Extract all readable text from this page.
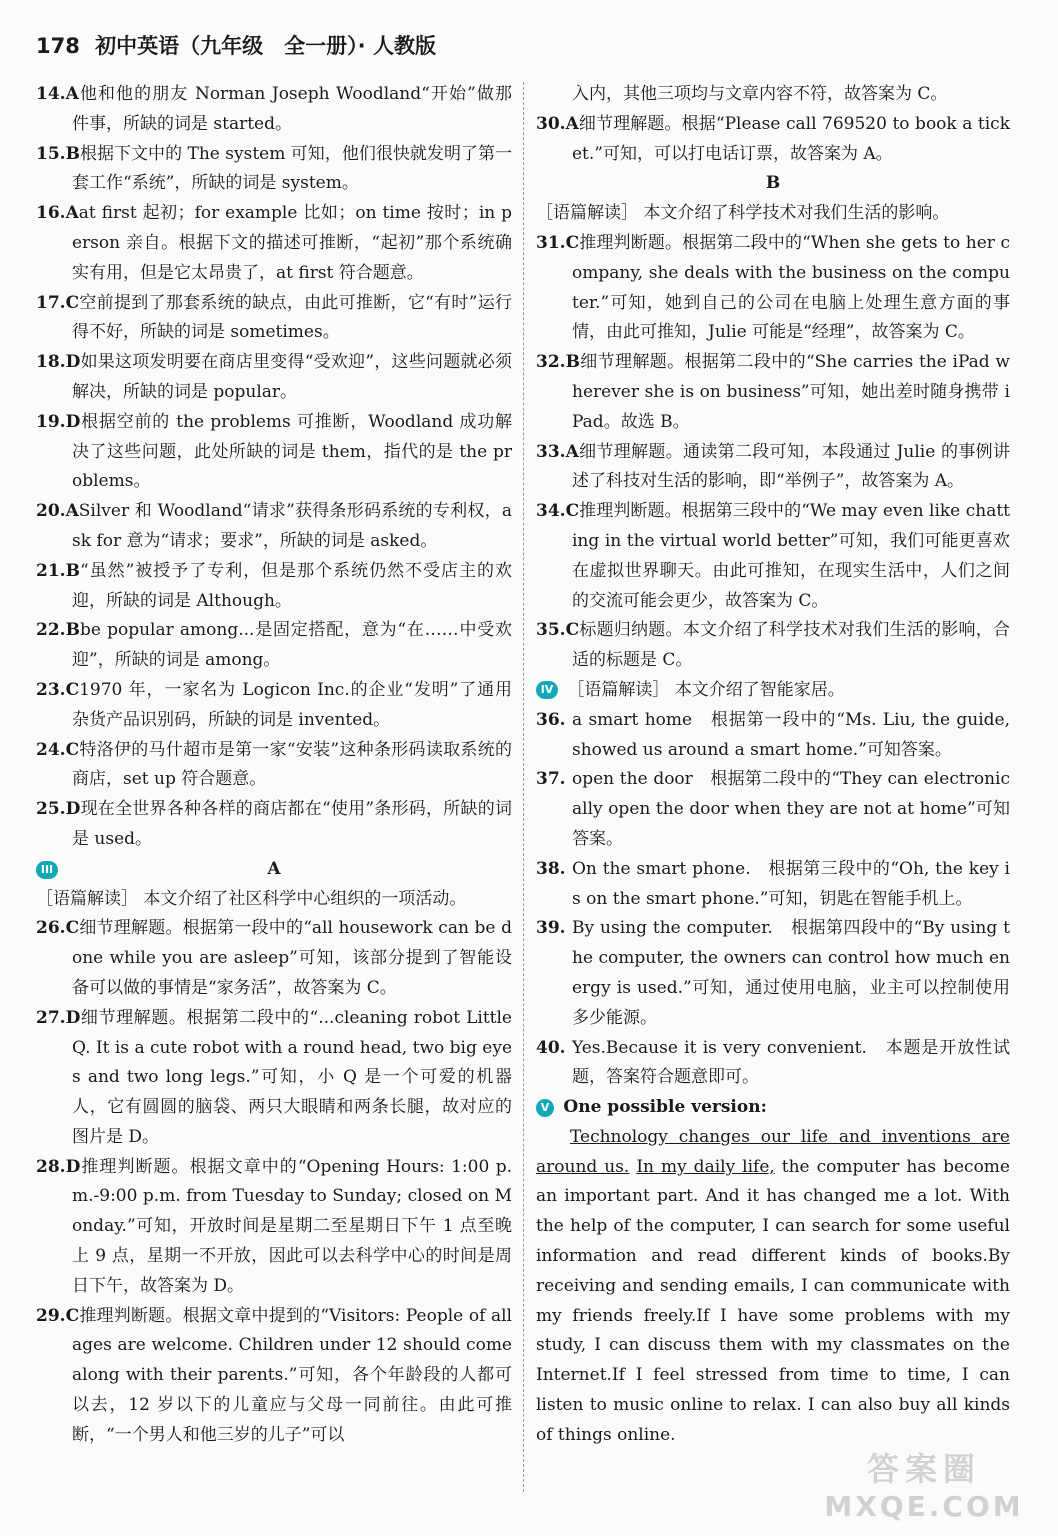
178 初中英语（九年级　全一册）· 人教版

14.A他和他的朋友 Norman Joseph Woodland“开始”做那件事，所缺的词是 started。

15.B根据下文中的 The system 可知，他们很快就发明了第一套工作“系统”，所缺的词是 system。

16.Aat first 起初；for example 比如；on time 按时；in person 亲自。根据下文的描述可推断，“起初”那个系统确实有用，但是它太昂贵了，at first 符合题意。

17.C空前提到了那套系统的缺点，由此可推断，它“有时”运行得不好，所缺的词是 sometimes。

18.D如果这项发明要在商店里变得“受欢迎”，这些问题就必须解决，所缺的词是 popular。

19.D根据空前的 the problems 可推断，Woodland 成功解决了这些问题，此处所缺的词是 them，指代的是 the problems。

20.ASilver 和 Woodland“请求”获得条形码系统的专利权，ask for 意为“请求；要求”，所缺的词是 asked。

21.B“虽然”被授予了专利，但是那个系统仍然不受店主的欢迎，所缺的词是 Although。

22.Bbe popular among...是固定搭配，意为“在……中受欢迎”，所缺的词是 among。

23.C1970 年，一家名为 Logicon Inc.的企业“发明”了通用杂货产品识别码，所缺的词是 invented。

24.C特洛伊的马什超市是第一家“安装”这种条形码读取系统的商店，set up 符合题意。

25.D现在全世界各种各样的商店都在“使用”条形码，所缺的词是 used。

III	A

［语篇解读］ 本文介绍了社区科学中心组织的一项活动。

26.C细节理解题。根据第一段中的“all housework can be done while you are asleep”可知，该部分提到了智能设备可以做的事情是“家务活”，故答案为 C。

27.D细节理解题。根据第二段中的“...cleaning robot Little Q. It is a cute robot with a round head, two big eyes and two long legs.”可知，小 Q 是一个可爱的机器人，它有圆圆的脑袋、两只大眼睛和两条长腿，故对应的图片是 D。

28.D推理判断题。根据文章中的“Opening Hours: 1:00 p.m.-9:00 p.m. from Tuesday to Sunday; closed on Monday.”可知，开放时间是星期二至星期日下午 1 点至晚上 9 点，星期一不开放，因此可以去科学中心的时间是周日下午，故答案为 D。

29.C推理判断题。根据文章中提到的“Visitors: People of all ages are welcome. Children under 12 should come along with their parents.”可知，各个年龄段的人都可以去，12 岁以下的儿童应与父母一同前往。由此可推断，“一个男人和他三岁的儿子”可以

入内，其他三项均与文章内容不符，故答案为 C。

30.A细节理解题。根据“Please call 769520 to book a ticket.”可知，可以打电话订票，故答案为 A。

B

［语篇解读］ 本文介绍了科学技术对我们生活的影响。

31.C推理判断题。根据第二段中的“When she gets to her company, she deals with the business on the computer.”可知，她到自己的公司在电脑上处理生意方面的事情，由此可推知，Julie 可能是“经理”，故答案为 C。

32.B细节理解题。根据第二段中的“She carries the iPad wherever she is on business”可知，她出差时随身携带 iPad。故选 B。

33.A细节理解题。通读第二段可知，本段通过 Julie 的事例讲述了科技对生活的影响，即“举例子”，故答案为 A。

34.C推理判断题。根据第三段中的“We may even like chatting in the virtual world better”可知，我们可能更喜欢在虚拟世界聊天。由此可推知，在现实生活中，人们之间的交流可能会更少，故答案为 C。

35.C标题归纳题。本文介绍了科学技术对我们生活的影响，合适的标题是 C。

IV ［语篇解读］ 本文介绍了智能家居。

36. a smart home　根据第一段中的“Ms. Liu, the guide, showed us around a smart home.”可知答案。

37. open the door　根据第二段中的“They can electronically open the door when they are not at home”可知答案。

38. On the smart phone.　根据第三段中的“Oh, the key is on the smart phone.”可知，钥匙在智能手机上。

39. By using the computer.　根据第四段中的“By using the computer, the owners can control how much energy is used.”可知，通过使用电脑，业主可以控制使用多少能源。

40. Yes.Because it is very convenient.　本题是开放性试题，答案符合题意即可。

V One possible version:

Technology changes our life and inventions are around us. In my daily life, the computer has become an important part. And it has changed me a lot. With the help of the computer, I can search for some useful information and read different kinds of books.By receiving and sending emails, I can communicate with my friends freely.If I have some problems with my study, I can discuss them with my classmates on the Internet.If I feel stressed from time to time, I can listen to music online to relax. I can also buy all kinds of things online.

答案圈
MXQE.COM
